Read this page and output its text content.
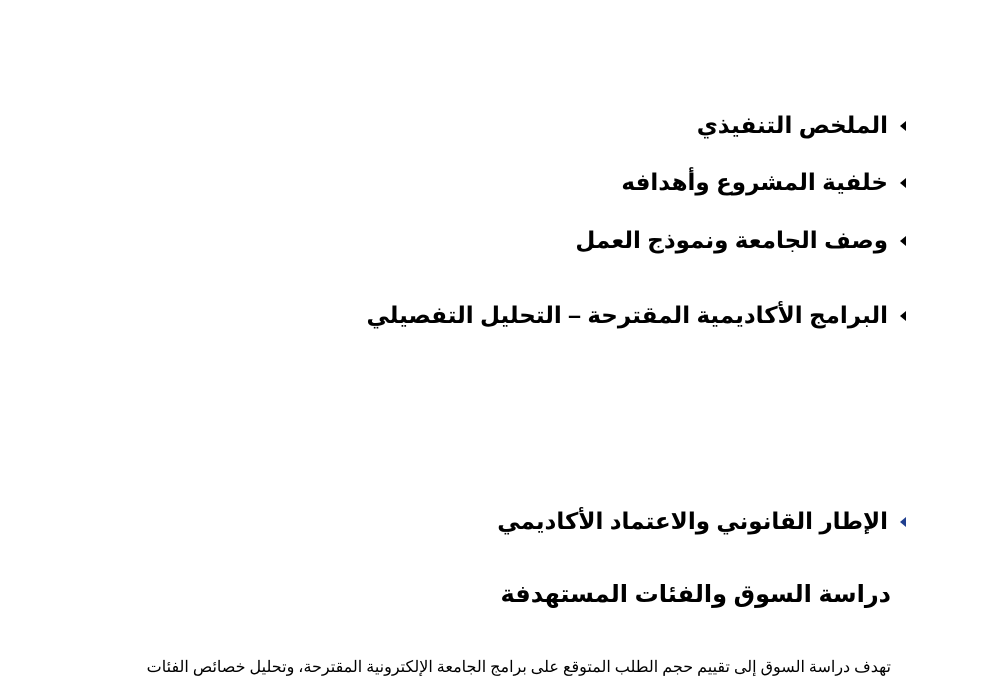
الملخص التنفيذي
خلفية المشروع وأهدافه
وصف الجامعة ونموذج العمل
البرامج الأكاديمية المقترحة – التحليل التفصيلي
الإطار القانوني والاعتماد الأكاديمي
دراسة السوق والفئات المستهدفة
تهدف دراسة السوق إلى تقييم حجم الطلب المتوقع على برامج الجامعة الإلكترونية المقترحة، وتحليل خصائص الفئات
